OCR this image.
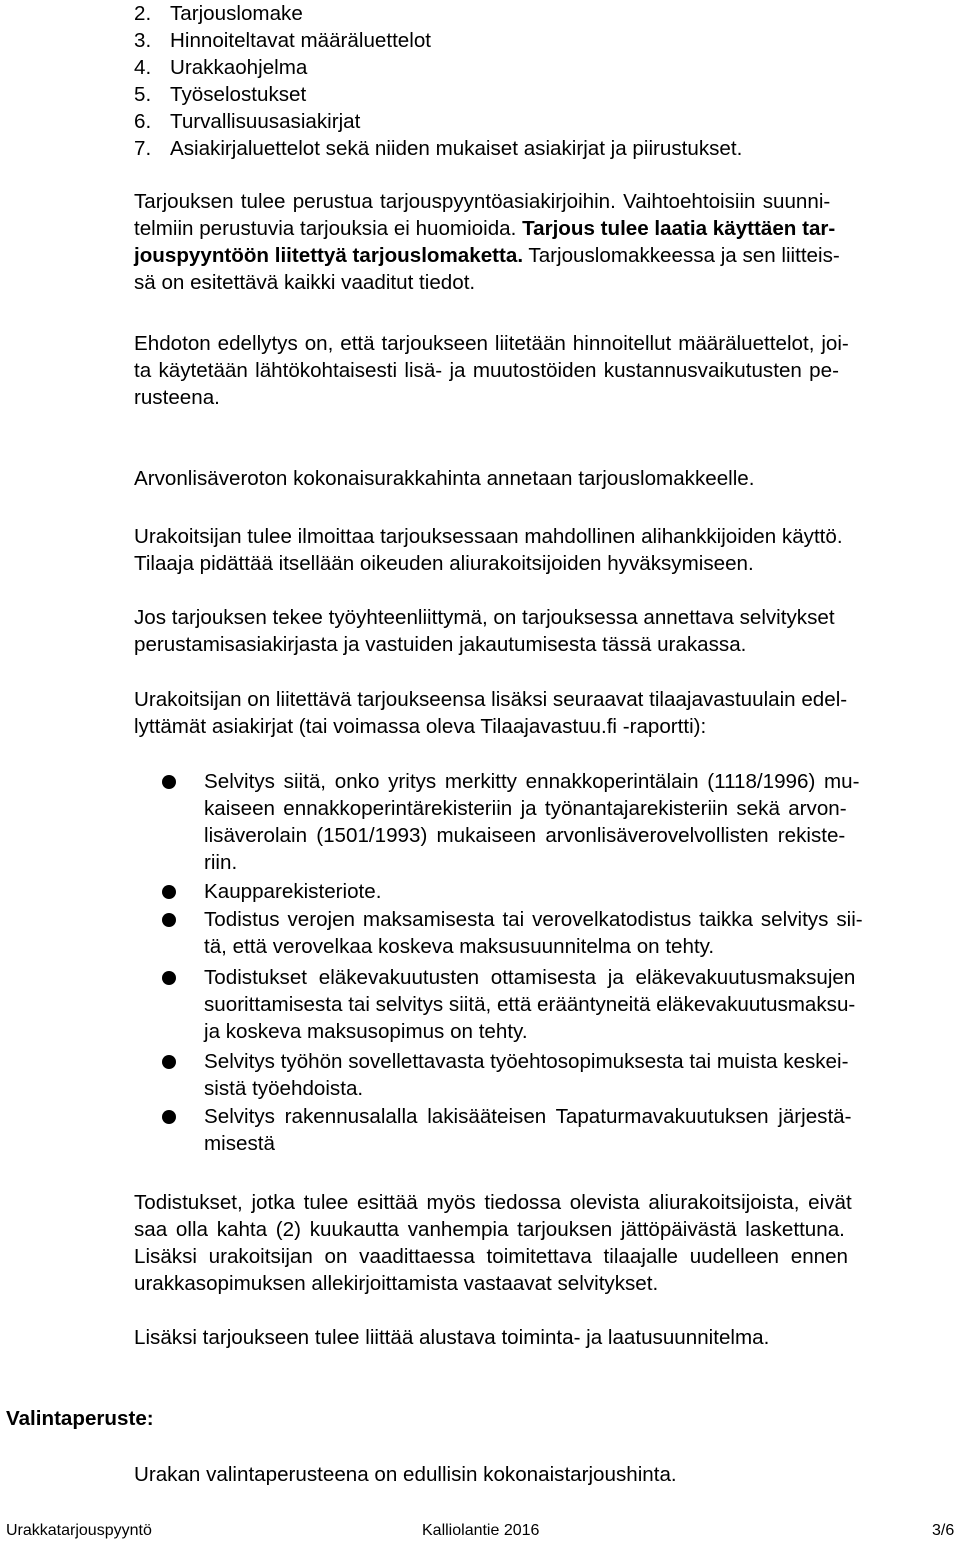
2. Tarjouslomake
3. Hinnoiteltavat määräluettelot
4. Urakkaohjelma
5. Työselostukset
6. Turvallisuusasiakirjat
7. Asiakirjaluettelot sekä niiden mukaiset asiakirjat ja piirustukset.
Tarjouksen tulee perustua tarjouspyyntöasiakirjoihin. Vaihtoehtoisiin suunni-
telmiin perustuvia tarjouksia ei huomioida. Tarjous tulee laatia käyttäen tar-
jouspyyntöön liitettyä tarjouslomaketta. Tarjouslomakkeessa ja sen liitteis-
sä on esitettävä kaikki vaaditut tiedot.
Ehdoton edellytys on, että tarjoukseen liitetään hinnoitellut määräluettelot, joi-
ta käytetään lähtökohtaisesti lisä- ja muutostöiden kustannusvaikutusten pe-
rusteena.
Arvonlisäveroton kokonaisurakkahinta annetaan tarjouslomakkeelle.
Urakoitsijan tulee ilmoittaa tarjouksessaan mahdollinen alihankkijoiden käyttö.
Tilaaja pidättää itsellään oikeuden aliurakoitsijoiden hyväksymiseen.
Jos tarjouksen tekee työyhteenliittymä, on tarjouksessa annettava selvitykset
perustamisasiakirjasta ja vastuiden jakautumisesta tässä urakassa.
Urakoitsijan on liitettävä tarjoukseensa lisäksi seuraavat tilaajavastuulain edel-
lyttämät asiakirjat (tai voimassa oleva Tilaajavastuu.fi -raportti):
Selvitys siitä, onko yritys merkitty ennakkoperintälain (1118/1996) mu-
kaiseen ennakkoperintärekisteriin ja työnantajarekisteriin sekä arvon-
lisäverolain (1501/1993) mukaiseen arvonlisäverovelvollisten rekiste-
riin.
Kaupparekisteriote.
Todistus verojen maksamisesta tai verovelkatodistus taikka selvitys sii-
tä, että verovelkaa koskeva maksusuunnitelma on tehty.
Todistukset eläkevakuutusten ottamisesta ja eläkevakuutusmaksujen
suorittamisesta tai selvitys siitä, että erääntyneitä eläkevakuutusmaksu-
ja koskeva maksusopimus on tehty.
Selvitys työhön sovellettavasta työehtosopimuksesta tai muista keskei-
sistä työehdoista.
Selvitys rakennusalalla lakisääteisen Tapaturmavakuutuksen järjestä-
misestä
Todistukset, jotka tulee esittää myös tiedossa olevista aliurakoitsijoista, eivät
saa olla kahta (2) kuukautta vanhempia tarjouksen jättöpäivästä laskettuna.
Lisäksi urakoitsijan on vaadittaessa toimitettava tilaajalle uudelleen ennen
urakkasopimuksen allekirjoittamista vastaavat selvitykset.
Lisäksi tarjoukseen tulee liittää alustava toiminta- ja laatusuunnitelma.
Valintaperuste:
Urakan valintaperusteena on edullisin kokonaistarjoushinta.
Urakkatarjouspyyntö	Kalliolantie 2016	3/6
